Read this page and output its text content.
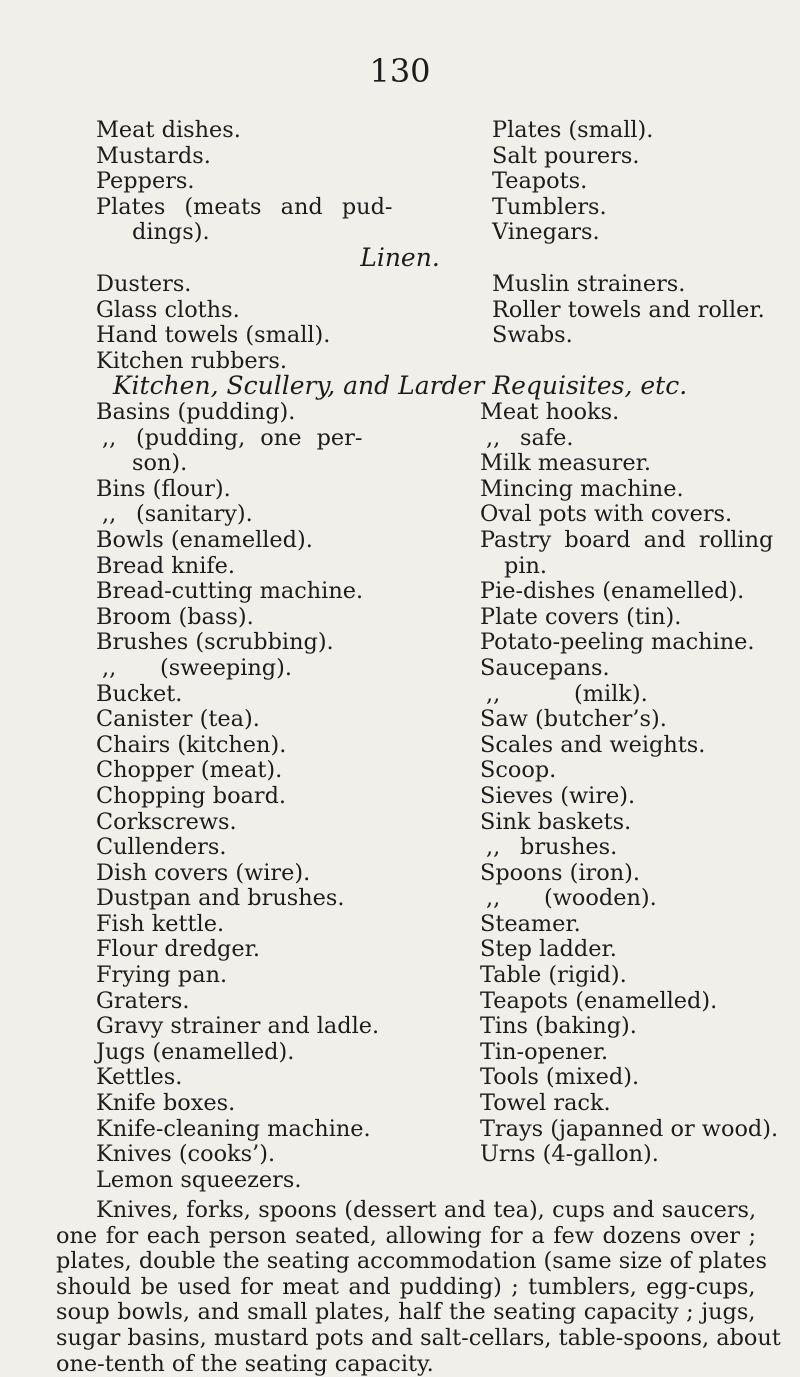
130
Meat dishes.
Mustards.
Peppers.
Plates (meats and pud-
dings).
Plates (small).
Salt pourers.
Teapots.
Tumblers.
Vinegars.
Linen.
Dusters.
Glass cloths.
Hand towels (small).
Kitchen rubbers.
Muslin strainers.
Roller towels and roller.
Swabs.
Kitchen, Scullery, and Larder Requisites, etc.
Basins (pudding).
,, (pudding, one per-
son).
Bins (flour).
,, (sanitary).
Bowls (enamelled).
Bread knife.
Bread-cutting machine.
Broom (bass).
Brushes (scrubbing).
,, (sweeping).
Bucket.
Canister (tea).
Chairs (kitchen).
Chopper (meat).
Chopping board.
Corkscrews.
Cullenders.
Dish covers (wire).
Dustpan and brushes.
Fish kettle.
Flour dredger.
Frying pan.
Graters.
Gravy strainer and ladle.
Jugs (enamelled).
Kettles.
Knife boxes.
Knife-cleaning machine.
Knives (cooks’).
Lemon squeezers.
Meat hooks.
,, safe.
Milk measurer.
Mincing machine.
Oval pots with covers.
Pastry board and rolling
pin.
Pie-dishes (enamelled).
Plate covers (tin).
Potato-peeling machine.
Saucepans.
,,	(milk).
Saw (butcher’s).
Scales and weights.
Scoop.
Sieves (wire).
Sink baskets.
,, brushes.
Spoons (iron).
,, (wooden).
Steamer.
Step ladder.
Table (rigid).
Teapots (enamelled).
Tins (baking).
Tin-opener.
Tools (mixed).
Towel rack.
Trays (japanned or wood).
Urns (4-gallon).
Knives, forks, spoons (dessert and tea), cups and saucers,
one for each person seated, allowing for a few dozens over ;
plates, double the seating accommodation (same size of plates
should be used for meat and pudding) ; tumblers, egg-cups,
soup bowls, and small plates, half the seating capacity ; jugs,
sugar basins, mustard pots and salt-cellars, table-spoons, about
one-tenth of the seating capacity.
